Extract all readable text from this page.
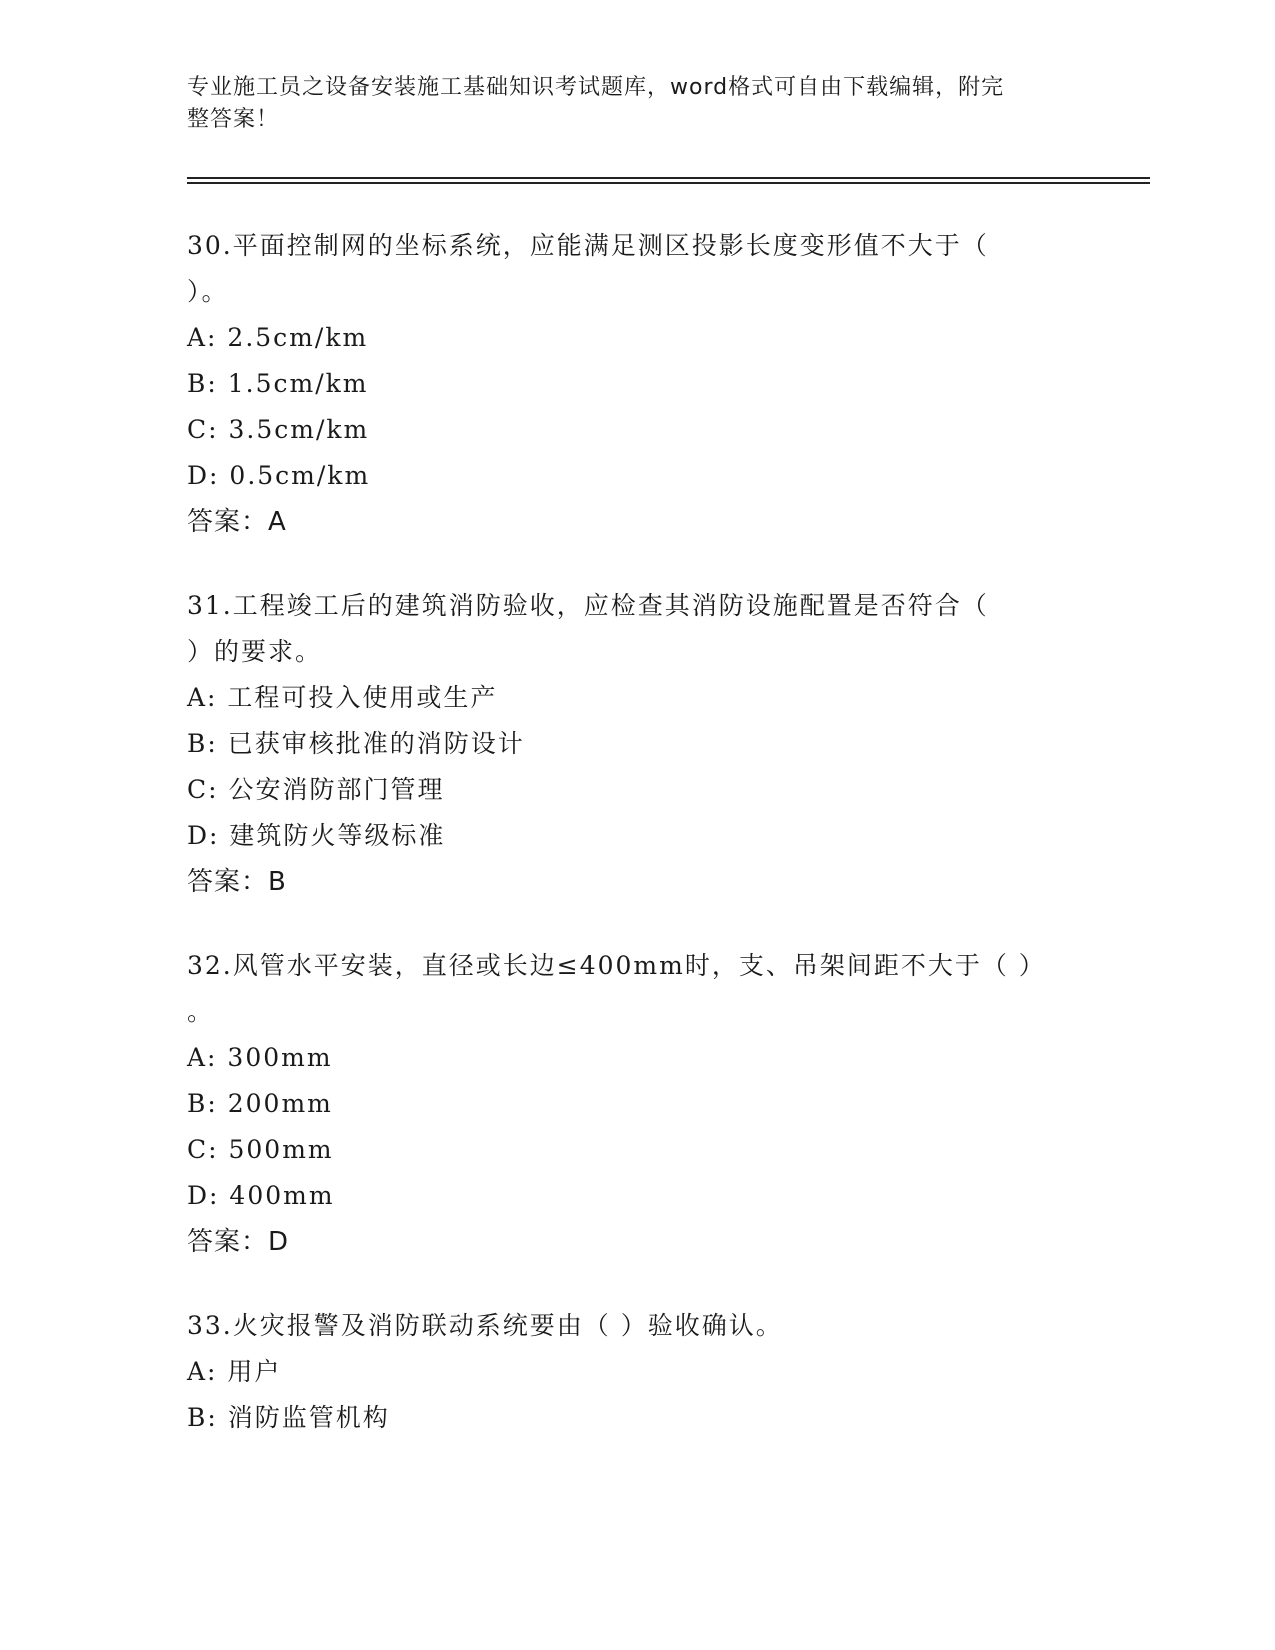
专业施工员之设备安装施工基础知识考试题库，word格式可自由下载编辑，附完
整答案！
30.平面控制网的坐标系统，应能满足测区投影长度变形值不大于（
）。
A: 2.5cm/km
B: 1.5cm/km
C: 3.5cm/km
D: 0.5cm/km
答案：A
31.工程竣工后的建筑消防验收，应检查其消防设施配置是否符合（
）的要求。
A: 工程可投入使用或生产
B: 已获审核批准的消防设计
C: 公安消防部门管理
D: 建筑防火等级标准
答案：B
32.风管水平安装，直径或长边≤400mm时，支、吊架间距不大于（ ）
。
A: 300mm
B: 200mm
C: 500mm
D: 400mm
答案：D
33.火灾报警及消防联动系统要由（ ）验收确认。
A: 用户
B: 消防监管机构
